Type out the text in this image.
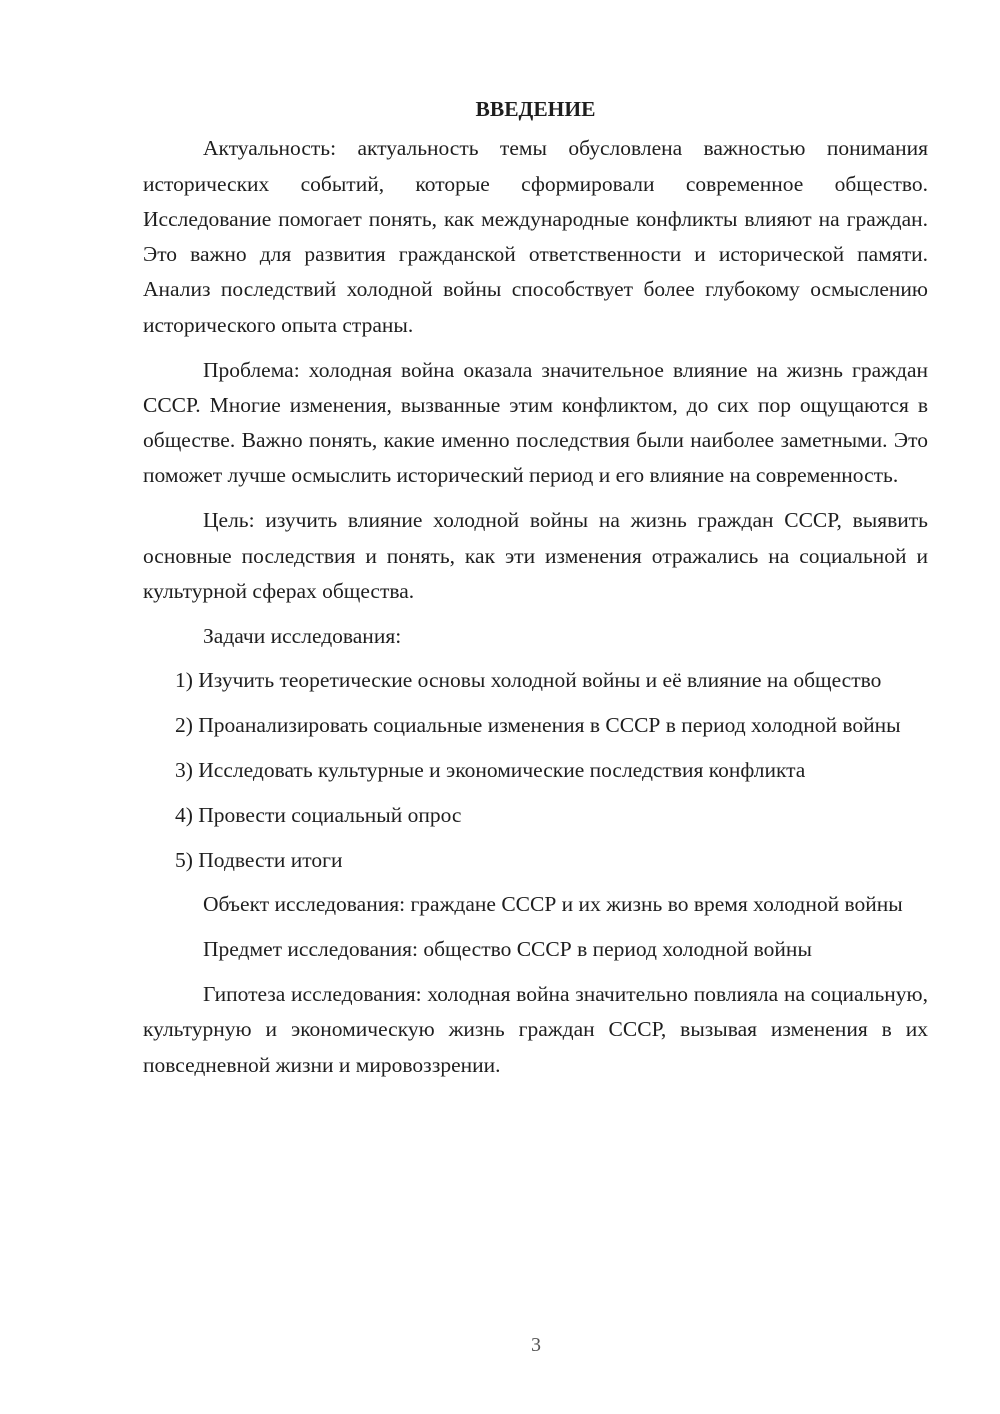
ВВЕДЕНИЕ

Актуальность: актуальность темы обусловлена важностью понимания исторических событий, которые сформировали современное общество. Исследование помогает понять, как международные конфликты влияют на граждан. Это важно для развития гражданской ответственности и исторической памяти. Анализ последствий холодной войны способствует более глубокому осмыслению исторического опыта страны.

Проблема: холодная война оказала значительное влияние на жизнь граждан СССР. Многие изменения, вызванные этим конфликтом, до сих пор ощущаются в обществе. Важно понять, какие именно последствия были наиболее заметными. Это поможет лучше осмыслить исторический период и его влияние на современность.

Цель: изучить влияние холодной войны на жизнь граждан СССР, выявить основные последствия и понять, как эти изменения отражались на социальной и культурной сферах общества.

Задачи исследования:

1) Изучить теоретические основы холодной войны и её влияние на общество

2) Проанализировать социальные изменения в СССР в период холодной войны

3) Исследовать культурные и экономические последствия конфликта

4) Провести социальный опрос

5) Подвести итоги

Объект исследования: граждане СССР и их жизнь во время холодной войны

Предмет исследования: общество СССР в период холодной войны

Гипотеза исследования: холодная война значительно повлияла на социальную, культурную и экономическую жизнь граждан СССР, вызывая изменения в их повседневной жизни и мировоззрении.

3
